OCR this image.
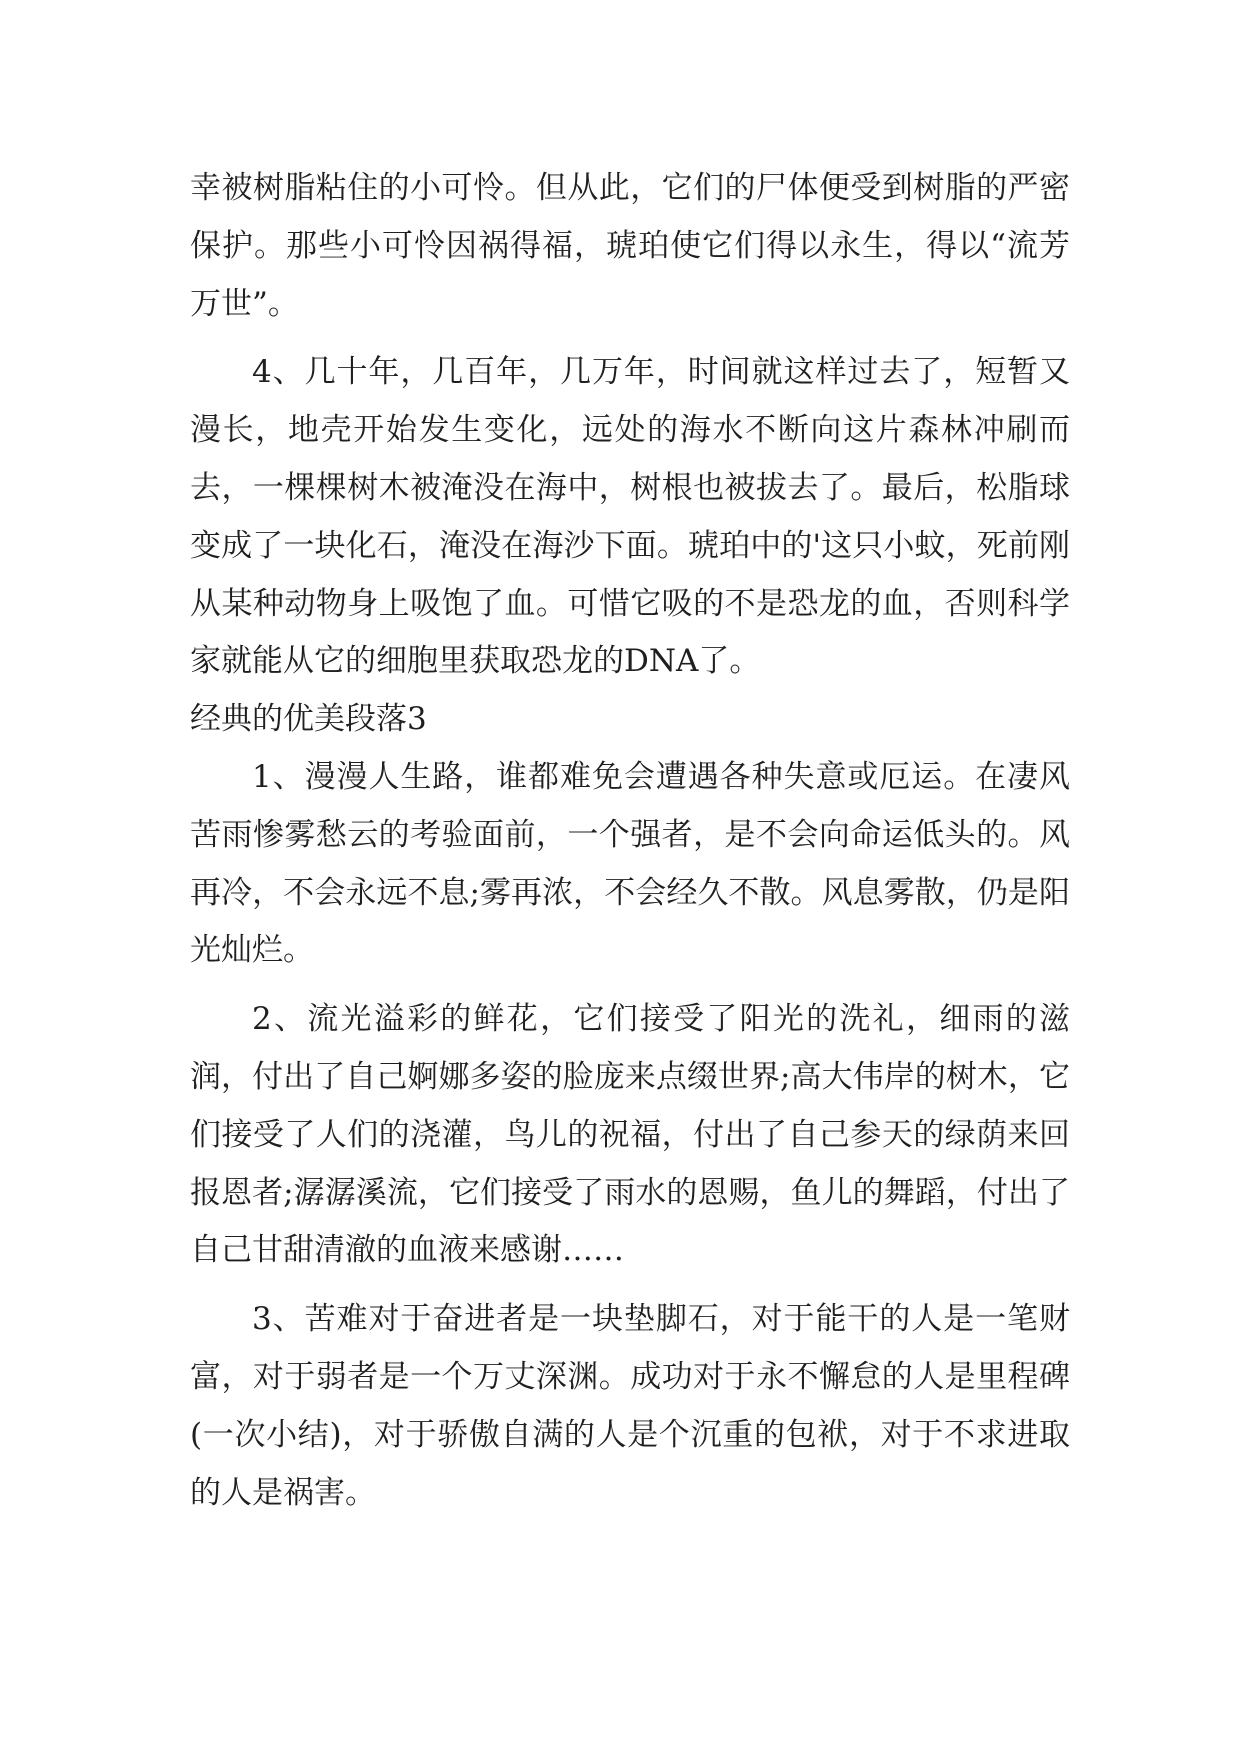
幸被树脂粘住的小可怜。但从此，它们的尸体便受到树脂的严密保护。那些小可怜因祸得福，琥珀使它们得以永生，得以“流芳万世”。

4、几十年，几百年，几万年，时间就这样过去了，短暂又漫长，地壳开始发生变化，远处的海水不断向这片森林冲刷而去，一棵棵树木被淹没在海中，树根也被拔去了。最后，松脂球变成了一块化石，淹没在海沙下面。琥珀中的'这只小蚊，死前刚从某种动物身上吸饱了血。可惜它吸的不是恐龙的血，否则科学家就能从它的细胞里获取恐龙的DNA了。

经典的优美段落3

1、漫漫人生路，谁都难免会遭遇各种失意或厄运。在凄风苦雨惨雾愁云的考验面前，一个强者，是不会向命运低头的。风再冷，不会永远不息;雾再浓，不会经久不散。风息雾散，仍是阳光灿烂。

2、流光溢彩的鲜花，它们接受了阳光的洗礼，细雨的滋润，付出了自己婀娜多姿的脸庞来点缀世界;高大伟岸的树木，它们接受了人们的浇灌，鸟儿的祝福，付出了自己参天的绿荫来回报恩者;潺潺溪流，它们接受了雨水的恩赐，鱼儿的舞蹈，付出了自己甘甜清澈的血液来感谢……

3、苦难对于奋进者是一块垫脚石，对于能干的人是一笔财富，对于弱者是一个万丈深渊。成功对于永不懈怠的人是里程碑(一次小结)，对于骄傲自满的人是个沉重的包袱，对于不求进取的人是祸害。
